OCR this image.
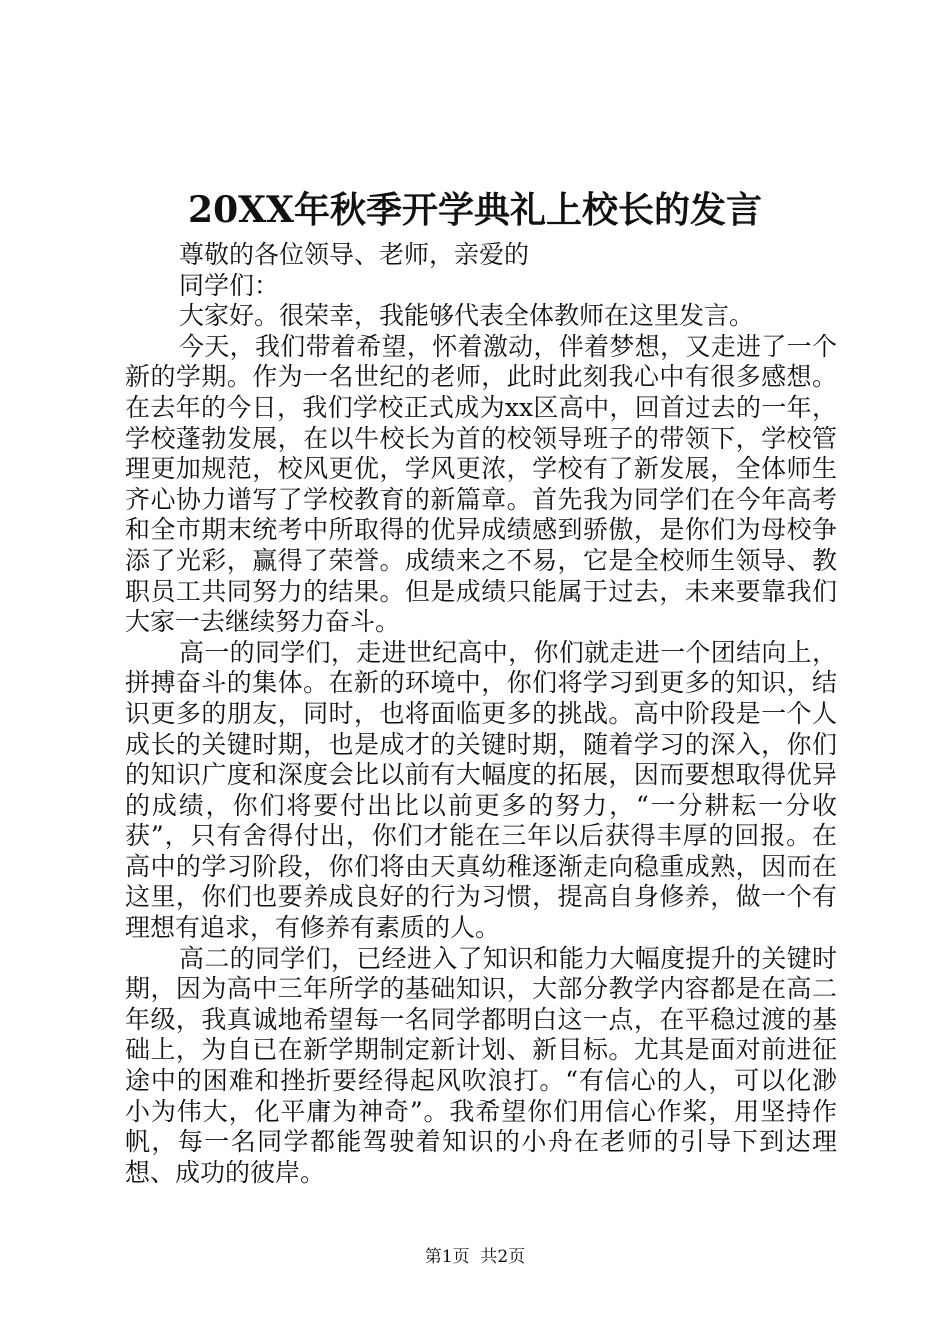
20XX年秋季开学典礼上校长的发言

尊敬的各位领导、老师，亲爱的

同学们：

大家好。很荣幸，我能够代表全体教师在这里发言。

今天，我们带着希望，怀着激动，伴着梦想，又走进了一个新的学期。作为一名世纪的老师，此时此刻我心中有很多感想。在去年的今日，我们学校正式成为xx区高中，回首过去的一年，学校蓬勃发展，在以牛校长为首的校领导班子的带领下，学校管理更加规范，校风更优，学风更浓，学校有了新发展，全体师生齐心协力谱写了学校教育的新篇章。首先我为同学们在今年高考和全市期末统考中所取得的优异成绩感到骄傲，是你们为母校争添了光彩，赢得了荣誉。成绩来之不易，它是全校师生领导、教职员工共同努力的结果。但是成绩只能属于过去，未来要靠我们大家一去继续努力奋斗。

高一的同学们，走进世纪高中，你们就走进一个团结向上，拼搏奋斗的集体。在新的环境中，你们将学习到更多的知识，结识更多的朋友，同时，也将面临更多的挑战。高中阶段是一个人成长的关键时期，也是成才的关键时期，随着学习的深入，你们的知识广度和深度会比以前有大幅度的拓展，因而要想取得优异的成绩，你们将要付出比以前更多的努力，“一分耕耘一分收获”，只有舍得付出，你们才能在三年以后获得丰厚的回报。在高中的学习阶段，你们将由天真幼稚逐渐走向稳重成熟，因而在这里，你们也要养成良好的行为习惯，提高自身修养，做一个有理想有追求，有修养有素质的人。

高二的同学们，已经进入了知识和能力大幅度提升的关键时期，因为高中三年所学的基础知识，大部分教学内容都是在高二年级，我真诚地希望每一名同学都明白这一点，在平稳过渡的基础上，为自已在新学期制定新计划、新目标。尤其是面对前进征途中的困难和挫折要经得起风吹浪打。“有信心的人，可以化渺小为伟大，化平庸为神奇”。我希望你们用信心作桨，用坚持作帆，每一名同学都能驾驶着知识的小舟在老师的引导下到达理想、成功的彼岸。

第1页  共2页
